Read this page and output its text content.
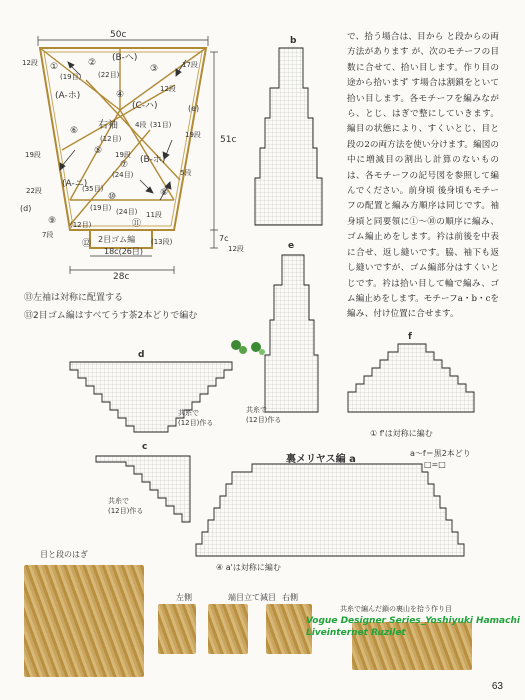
50c
51c
18c(26目)
28c
7c
12段
右袖
(B-ヘ)
(A-ホ)
(C-ハ)
(B-ホ)
(A-ニ)
(19目) (22目)
(12目)
(31目)
(35目)
(24目)
(19目) (24目)
(12目)
12段	17段
12段
19段	19段
19段
22段
4段
5段
11段
7段	2目ゴム編 (13段)
(d)
(e)
①	②
③
④
⑤
⑥
⑦
⑧
⑨
⑩
⑪
⑫
⑬左袖は対称に配置する
⑬2目ゴム編はすべてうす茶2本どりで編む
で、拾う場合は、目から と段からの両方法があります が、次のモチーフの目数に合せて、拾い目します。作り目の途から拾いまず す場合は割鎖をといて拾い目します。各モチーフを編みながら、とじ、はぎで整にしていきます。編目の状態により、すくいとじ、目と段の2の両方法を使い分けます。編図の中に増減目の割出し計算のないものは、各モチーフの記号図を参照して編んでください。前身頃 後身頃もモチーフの配置と編み方順序は同じです。袖 身頃と同要領に①～⑩の順序に編み、ゴム編止めをします。衿は前後を中表に合せ、返し縫いです。脇、袖下も返し縫いですが、ゴム編部分はすくいとじです。衿は拾い目して輪で編み、ゴム編止めをします。モチーフa・b・cを編み、付け位置に合せます。
b
e
共糸で
(12目)作る
d
共糸で
(12目)作る
f
① f'は対称に編む
c
共糸で
(12目)作る
裏メリヤス編 a
a～f＝黒2本どり
□=□
④ a'は対称に編む
目と段のはぎ
左側	端目立て減目 右側
共糸で編んだ鎖の裏山を拾う作り目
Vogue Designer Series_Yoshiyuki Hamachi
Liveinternet Ruzilet
63
